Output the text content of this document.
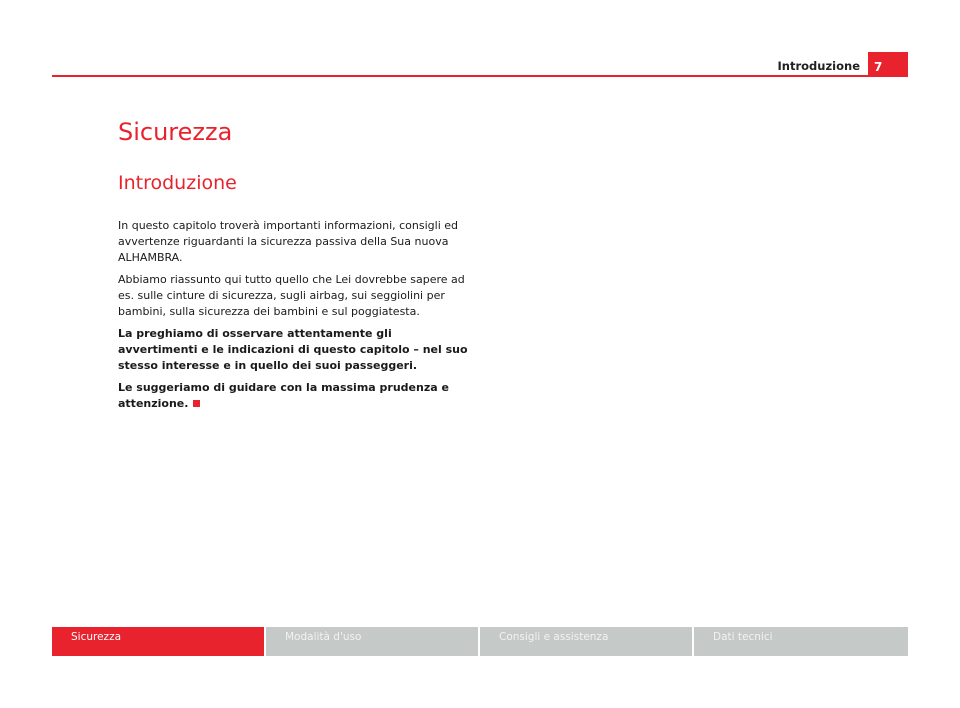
Introduzione	7
Sicurezza
Introduzione

In questo capitolo troverà importanti informazioni, consigli ed avvertenze riguardanti la sicurezza passiva della Sua nuova ALHAMBRA.

Abbiamo riassunto qui tutto quello che Lei dovrebbe sapere ad es. sulle cinture di sicurezza, sugli airbag, sui seggiolini per bambini, sulla sicurezza dei bambini e sul poggiatesta.

La preghiamo di osservare attentamente gli avvertimenti e le indicazioni di questo capitolo – nel suo stesso interesse e in quello dei suoi passeggeri.

Le suggeriamo di guidare con la massima prudenza e attenzione.

Sicurezza	Modalità d'uso	Consigli e assistenza	Dati tecnici
